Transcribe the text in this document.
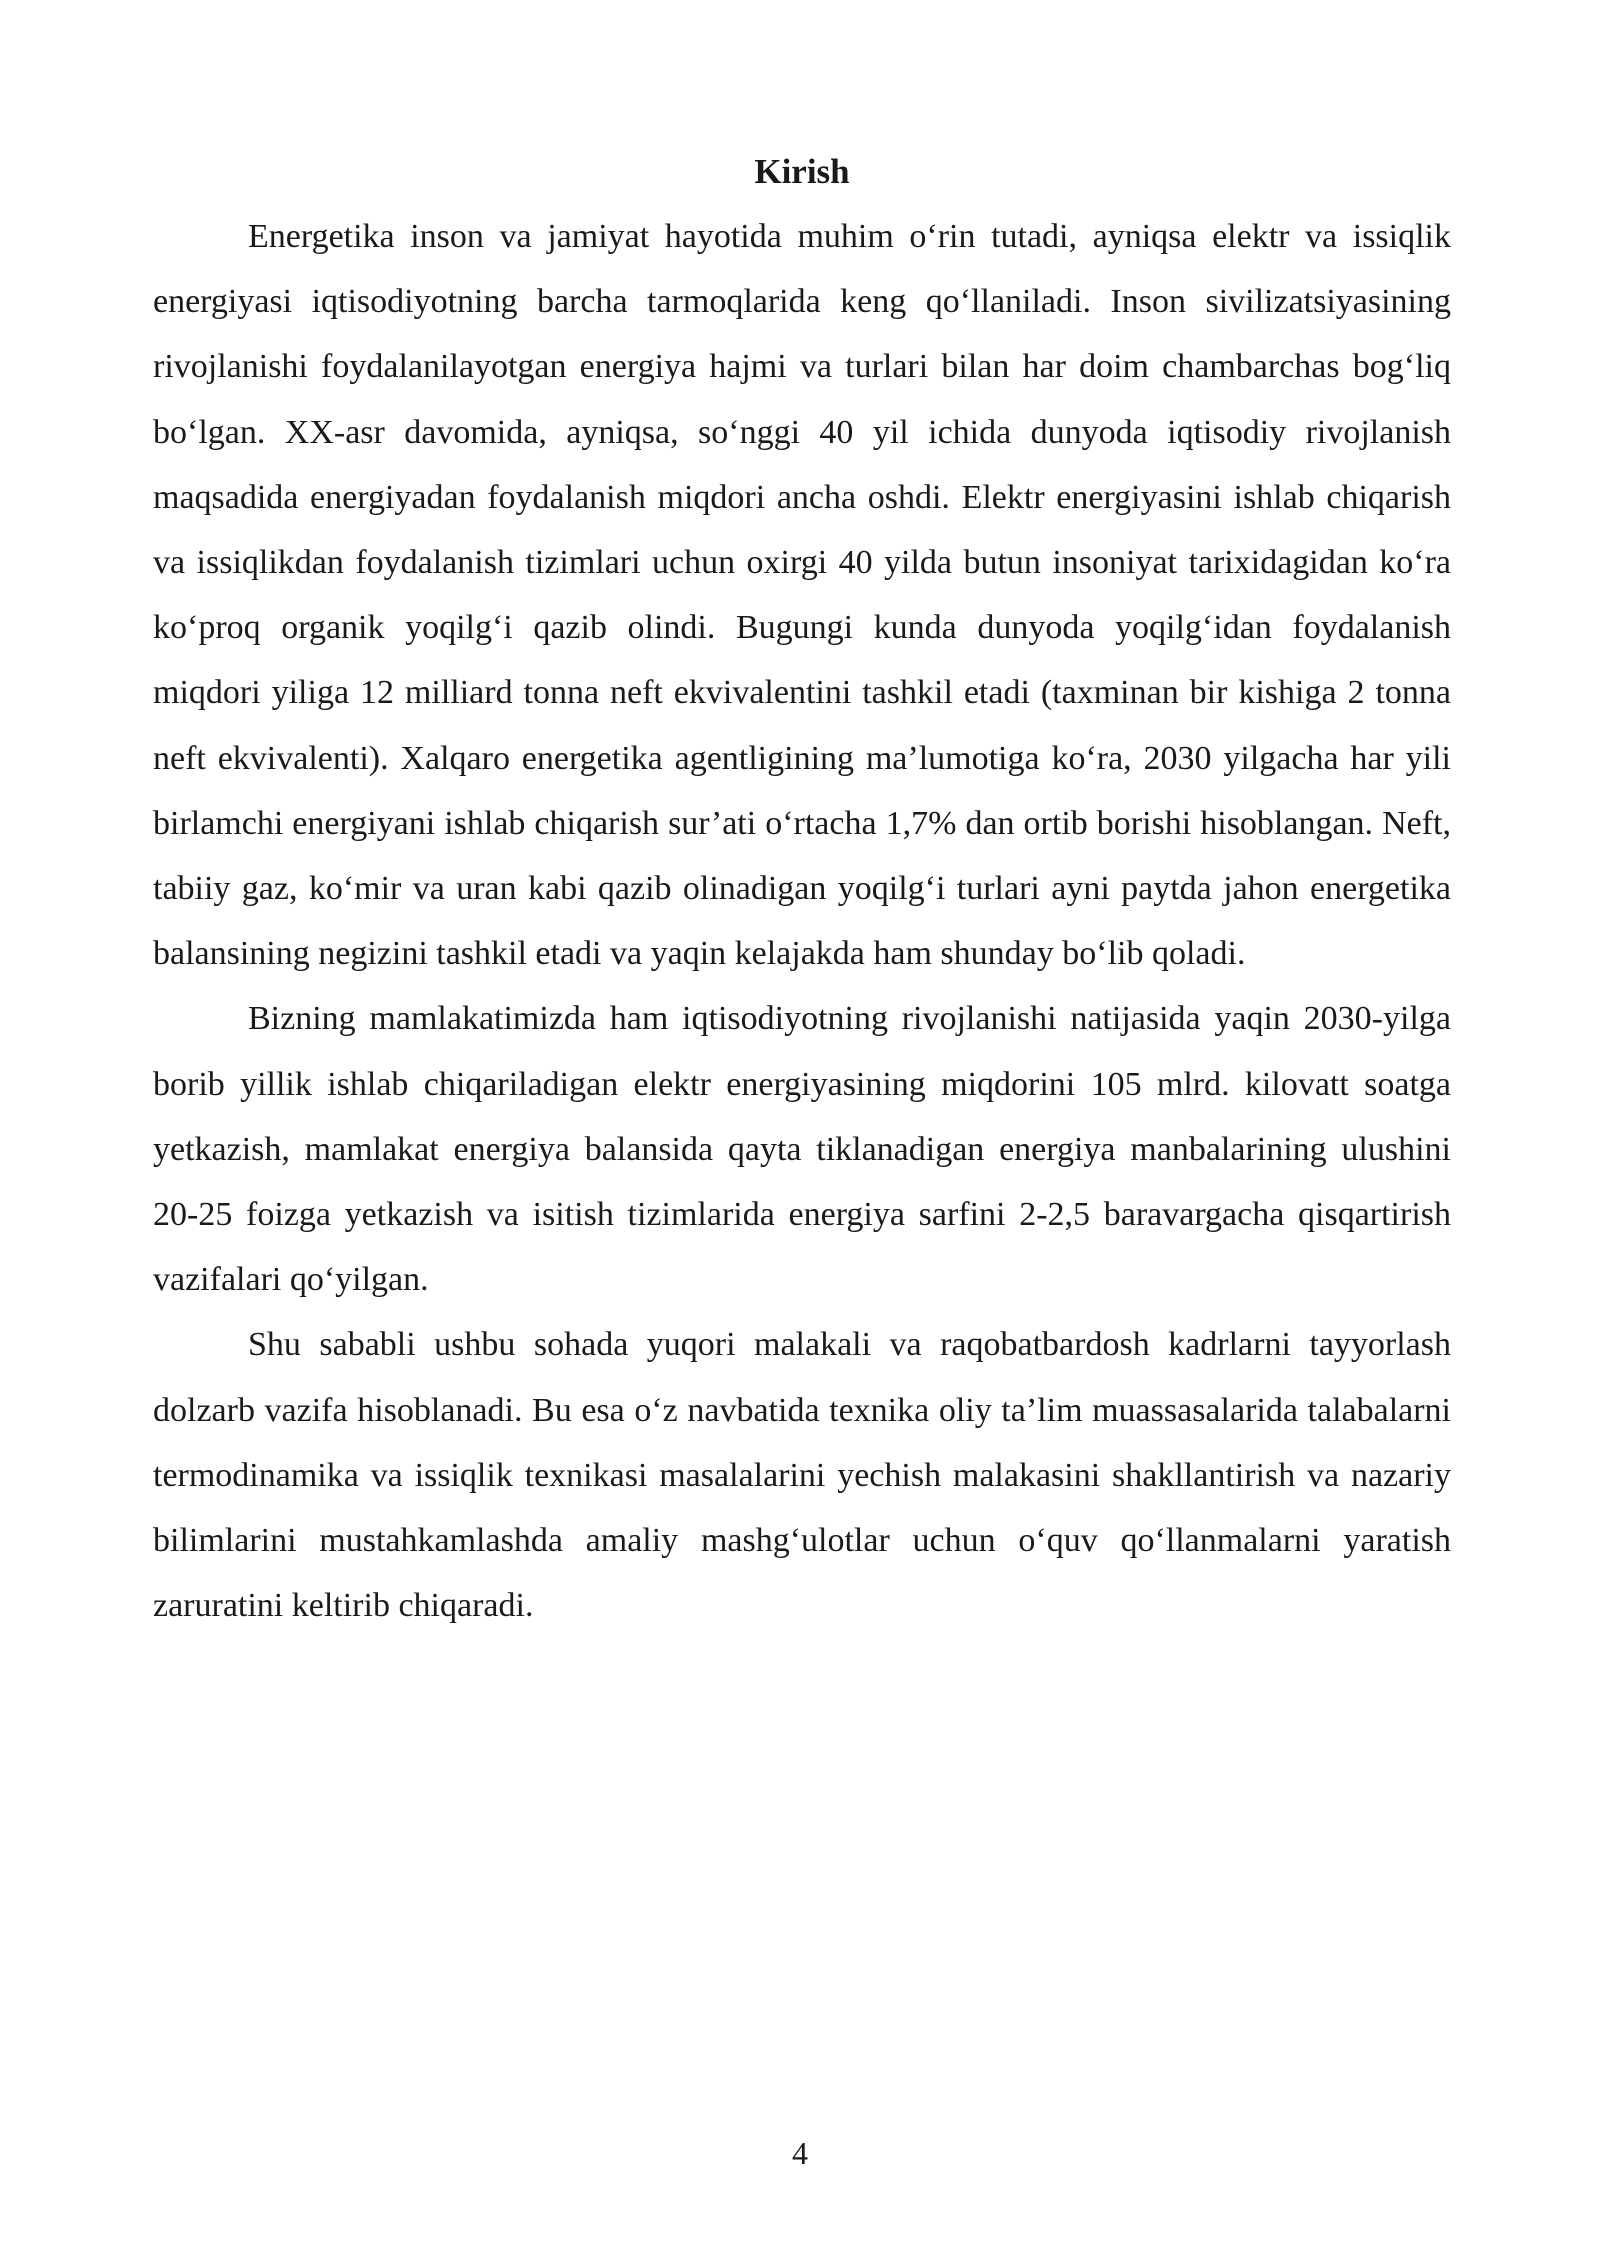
Kirish

Energetika inson va jamiyat hayotida muhim o‘rin tutadi, ayniqsa elektr va issiqlik energiyasi iqtisodiyotning barcha tarmoqlarida keng qo‘llaniladi. Inson sivilizatsiyasining rivojlanishi foydalanilayotgan energiya hajmi va turlari bilan har doim chambarchas bog‘liq bo‘lgan. XX-asr davomida, ayniqsa, so‘nggi 40 yil ichida dunyoda iqtisodiy rivojlanish maqsadida energiyadan foydalanish miqdori ancha oshdi. Elektr energiyasini ishlab chiqarish va issiqlikdan foydalanish tizimlari uchun oxirgi 40 yilda butun insoniyat tarixidagidan ko‘ra ko‘proq organik yoqilg‘i qazib olindi. Bugungi kunda dunyoda yoqilg‘idan foydalanish miqdori yiliga 12 milliard tonna neft ekvivalentini tashkil etadi (taxminan bir kishiga 2 tonna neft ekvivalenti). Xalqaro energetika agentligining ma’lumotiga ko‘ra, 2030 yilgacha har yili birlamchi energiyani ishlab chiqarish sur’ati o‘rtacha 1,7% dan ortib borishi hisoblangan. Neft, tabiiy gaz, ko‘mir va uran kabi qazib olinadigan yoqilg‘i turlari ayni paytda jahon energetika balansining negizini tashkil etadi va yaqin kelajakda ham shunday bo‘lib qoladi.

Bizning mamlakatimizda ham iqtisodiyotning rivojlanishi natijasida yaqin 2030-yilga borib yillik ishlab chiqariladigan elektr energiyasining miqdorini 105 mlrd. kilovatt soatga yetkazish, mamlakat energiya balansida qayta tiklanadigan energiya manbalarining ulushini 20-25 foizga yetkazish va isitish tizimlarida energiya sarfini 2-2,5 baravargacha qisqartirish vazifalari qo‘yilgan.

Shu sababli ushbu sohada yuqori malakali va raqobatbardosh kadrlarni tayyorlash dolzarb vazifa hisoblanadi. Bu esa o‘z navbatida texnika oliy ta’lim muassasalarida talabalarni termodinamika va issiqlik texnikasi masalalarini yechish malakasini shakllantirish va nazariy bilimlarini mustahkamlashda amaliy mashg‘ulotlar uchun o‘quv qo‘llanmalarni yaratish zaruratini keltirib chiqaradi.

4
